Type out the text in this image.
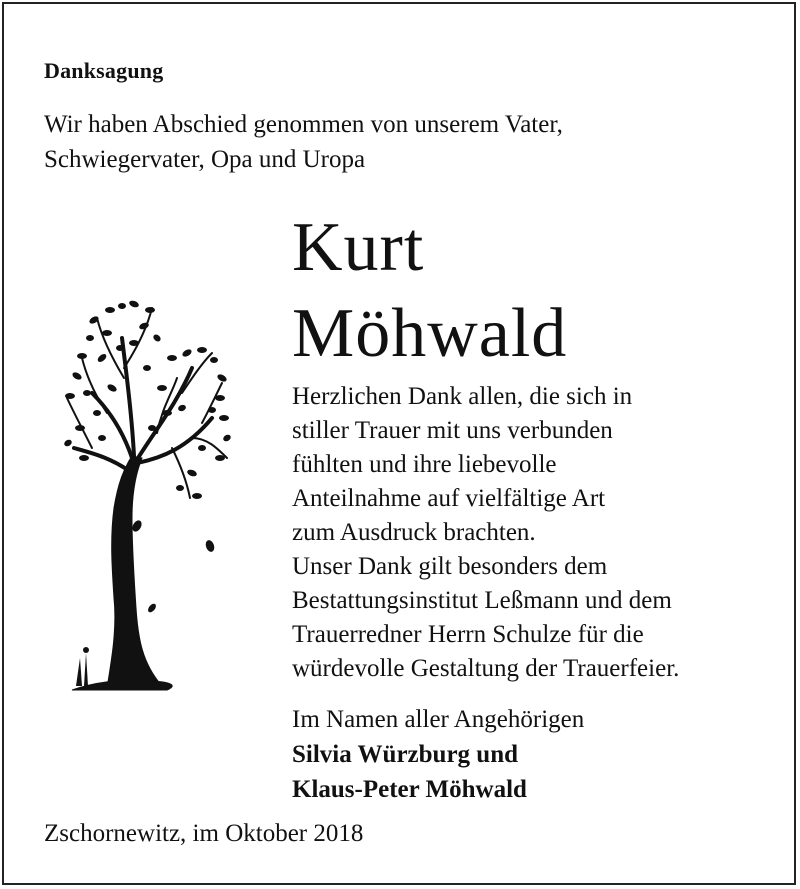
Danksagung
Wir haben Abschied genommen von unserem Vater,
Schwiegervater, Opa und Uropa
Kurt
Möhwald
Herzlichen Dank allen, die sich in
stiller Trauer mit uns verbunden
fühlten und ihre liebevolle
Anteilnahme auf vielfältige Art
zum Ausdruck brachten.
Unser Dank gilt besonders dem
Bestattungsinstitut Leßmann und dem
Trauerredner Herrn Schulze für die
würdevolle Gestaltung der Trauerfeier.
Im Namen aller Angehörigen
Silvia Würzburg und
Klaus-Peter Möhwald
Zschornewitz, im Oktober 2018
